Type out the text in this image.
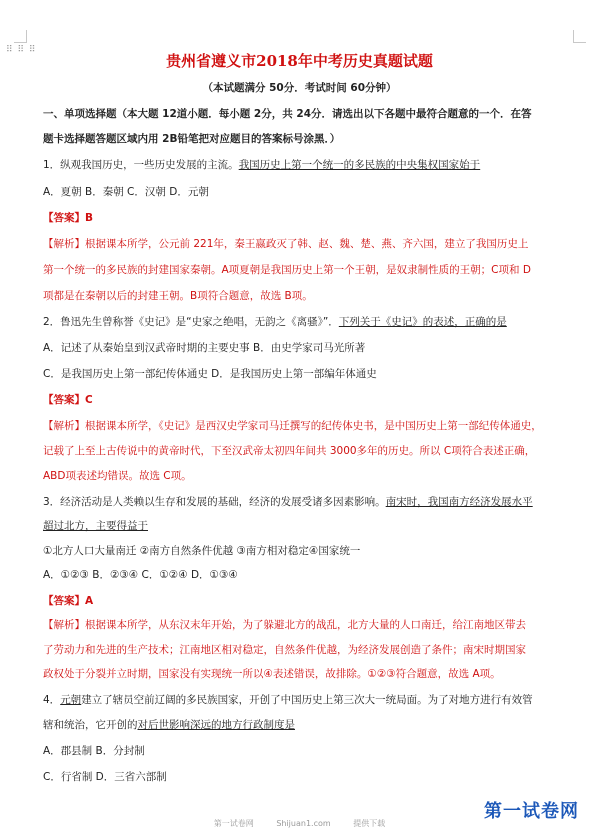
⠿ ⠿ ⠿
贵州省遵义市2018年中考历史真题试题
（本试题满分 50分．考试时间 60分钟）
一、单项选择题（本大题 12道小题．每小题 2分，共 24分．请选出以下各题中最符合题意的一个．在答
题卡选择题答题区域内用 2B铅笔把对应题目的答案标号涂黑．）
1．纵观我国历史，一些历史发展的主流。我国历史上第一个统一的多民族的中央集权国家始于
A．夏朝 B．秦朝 C．汉朝 D．元朝
【答案】B
【解析】根据课本所学，公元前 221年，秦王嬴政灭了韩、赵、魏、楚、燕、齐六国，建立了我国历史上
第一个统一的多民族的封建国家秦朝。A项夏朝是我国历史上第一个王朝，是奴隶制性质的王朝；C项和 D
项都是在秦朝以后的封建王朝。B项符合题意，故选 B项。
2．鲁迅先生曾称誉《史记》是“史家之绝唱，无韵之《离骚》”．下列关于《史记》的表述，正确的是
A．记述了从秦始皇到汉武帝时期的主要史事 B．由史学家司马光所著
C．是我国历史上第一部纪传体通史 D．是我国历史上第一部编年体通史
【答案】C
【解析】根据课本所学，《史记》是西汉史学家司马迁撰写的纪传体史书，是中国历史上第一部纪传体通史，
记载了上至上古传说中的黄帝时代，下至汉武帝太初四年间共 3000多年的历史。所以 C项符合表述正确，
ABD项表述均错误。故选 C项。
3．经济活动是人类赖以生存和发展的基础，经济的发展受诸多因素影响。南宋时，我国南方经济发展水平
超过北方，主要得益于
①北方人口大量南迁 ②南方自然条件优越 ③南方相对稳定④国家统一
A．①②③ B．②③④ C．①②④ D．①③④
【答案】A
【解析】根据课本所学，从东汉末年开始，为了躲避北方的战乱，北方大量的人口南迁，给江南地区带去
了劳动力和先进的生产技术；江南地区相对稳定，自然条件优越，为经济发展创造了条件；南宋时期国家
政权处于分裂并立时期，国家没有实现统一所以④表述错误，故排除。①②③符合题意，故选 A项。
4．元朝建立了辖员空前辽阔的多民族国家，开创了中国历史上第三次大一统局面。为了对地方进行有效管
辖和统治，它开创的对后世影响深远的地方行政制度是
A．郡县制 B．分封制
C．行省制 D．三省六部制
第一试卷网
第一试卷网	Shijuan1.com	提供下载
